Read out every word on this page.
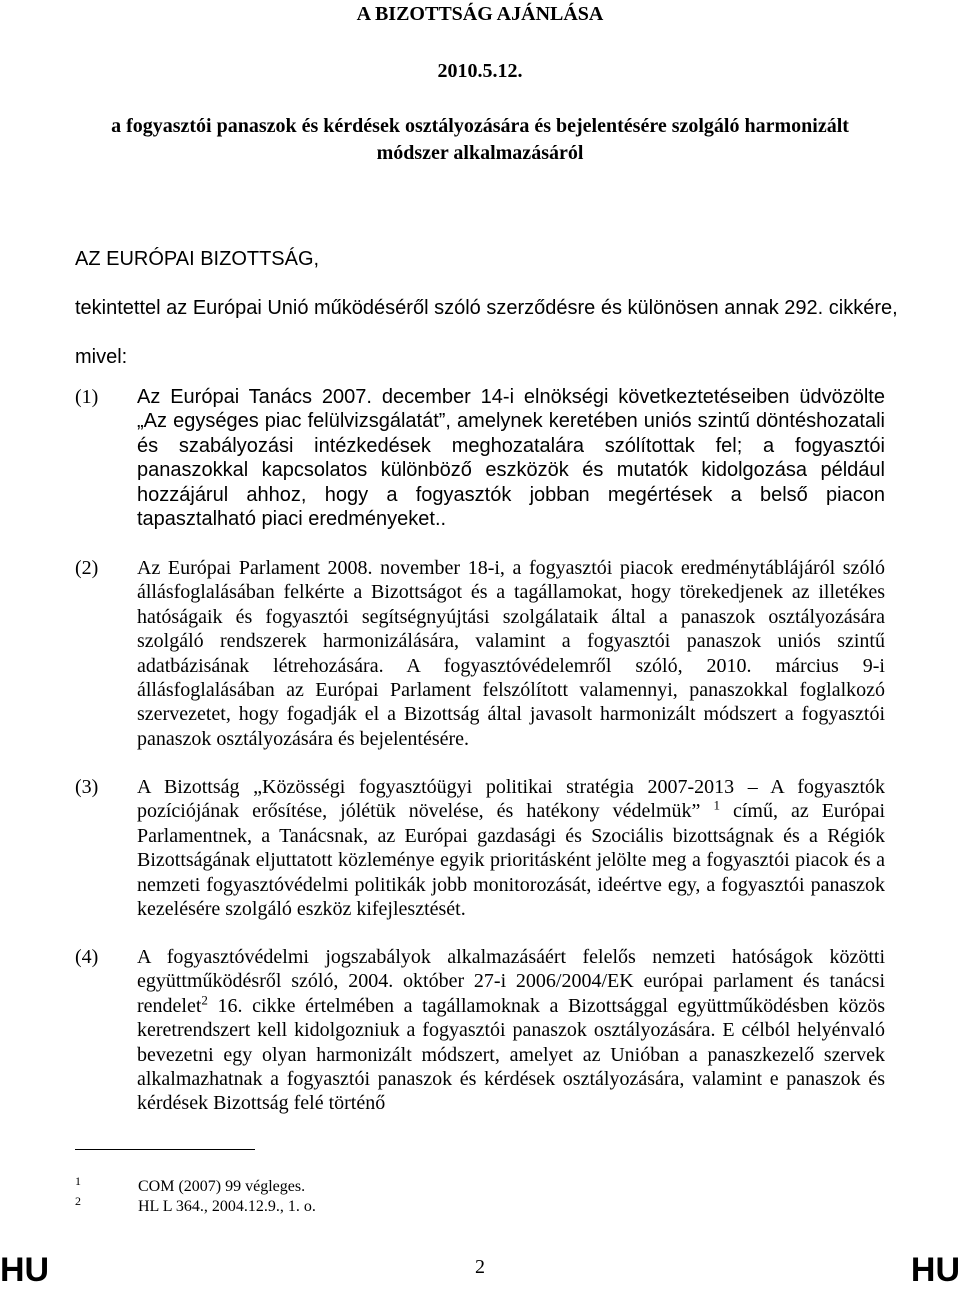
A BIZOTTSÁG AJÁNLÁSA
2010.5.12.
a fogyasztói panaszok és kérdések osztályozására és bejelentésére szolgáló harmonizált módszer alkalmazásáról
AZ EURÓPAI BIZOTTSÁG,
tekintettel az Európai Unió működéséről szóló szerződésre és különösen annak 292. cikkére,
mivel:
(1) Az Európai Tanács 2007. december 14-i elnökségi következtetéseiben üdvözölte „Az egységes piac felülvizsgálatát”, amelynek keretében uniós szintű döntéshozatali és szabályozási intézkedések meghozatalára szólítottak fel; a fogyasztói panaszokkal kapcsolatos különböző eszközök és mutatók kidolgozása például hozzájárul ahhoz, hogy a fogyasztók jobban megértések a belső piacon tapasztalható piaci eredményeket..
(2) Az Európai Parlament 2008. november 18-i, a fogyasztói piacok eredménytáblájáról szóló állásfoglalásában felkérte a Bizottságot és a tagállamokat, hogy törekedjenek az illetékes hatóságaik és fogyasztói segítségnyújtási szolgálataik által a panaszok osztályozására szolgáló rendszerek harmonizálására, valamint a fogyasztói panaszok uniós szintű adatbázisának létrehozására. A fogyasztóvédelemről szóló, 2010. március 9-i állásfoglalásában az Európai Parlament felszólított valamennyi, panaszokkal foglalkozó szervezetet, hogy fogadják el a Bizottság által javasolt harmonizált módszert a fogyasztói panaszok osztályozására és bejelentésére.
(3) A Bizottság „Közösségi fogyasztóügyi politikai stratégia 2007-2013 – A fogyasztók pozíciójának erősítése, jólétük növelése, és hatékony védelmük” $^1$ című, az Európai Parlamentnek, a Tanácsnak, az Európai gazdasági és Szociális bizottságnak és a Régiók Bizottságának eljuttatott közleménye egyik prioritásként jelölte meg a fogyasztói piacok és a nemzeti fogyasztóvédelmi politikák jobb monitorozását, ideértve egy, a fogyasztói panaszok kezelésére szolgáló eszköz kifejlesztését.
(4) A fogyasztóvédelmi jogszabályok alkalmazásáért felelős nemzeti hatóságok közötti együttműködésről szóló, 2004. október 27-i 2006/2004/EK európai parlament és tanácsi rendelet$^2$ 16. cikke értelmében a tagállamoknak a Bizottsággal együttműködésben közös keretrendszert kell kidolgozniuk a fogyasztói panaszok osztályozására. E célból helyénvaló bevezetni egy olyan harmonizált módszert, amelyet az Unióban a panaszkezelő szervek alkalmazhatnak a fogyasztói panaszok és kérdések osztályozására, valamint e panaszok és kérdések Bizottság felé történő
1	COM (2007) 99 végleges.
2	HL L 364., 2004.12.9., 1. o.
HU	2	HU
